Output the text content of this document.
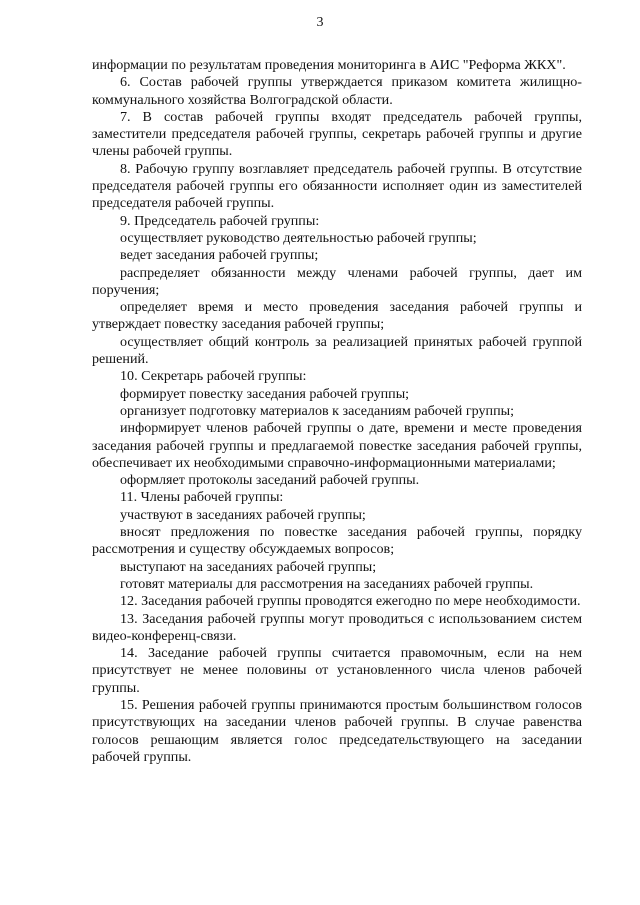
3

информации по результатам проведения мониторинга в АИС "Реформа ЖКХ".

6. Состав рабочей группы утверждается приказом комитета жилищно-коммунального хозяйства Волгоградской области.

7. В состав рабочей группы входят председатель рабочей группы, заместители председателя рабочей группы, секретарь рабочей группы и другие члены рабочей группы.

8. Рабочую группу возглавляет председатель рабочей группы. В отсутствие председателя рабочей группы его обязанности исполняет один из заместителей председателя рабочей группы.

9. Председатель рабочей группы:

осуществляет руководство деятельностью рабочей группы;

ведет заседания рабочей группы;

распределяет обязанности между членами рабочей группы, дает им поручения;

определяет время и место проведения заседания рабочей группы и утверждает повестку заседания рабочей группы;

осуществляет общий контроль за реализацией принятых рабочей группой решений.

10. Секретарь рабочей группы:

формирует повестку заседания рабочей группы;

организует подготовку материалов к заседаниям рабочей группы;

информирует членов рабочей группы о дате, времени и месте проведения заседания рабочей группы и предлагаемой повестке заседания рабочей группы, обеспечивает их необходимыми справочно-информационными материалами;

оформляет протоколы заседаний рабочей группы.

11. Члены рабочей группы:

участвуют в заседаниях рабочей группы;

вносят предложения по повестке заседания рабочей группы, порядку рассмотрения и существу обсуждаемых вопросов;

выступают на заседаниях рабочей группы;

готовят материалы для рассмотрения на заседаниях рабочей группы.

12. Заседания рабочей группы проводятся ежегодно по мере необходимости.

13. Заседания рабочей группы могут проводиться с использованием систем видео-конференц-связи.

14. Заседание рабочей группы считается правомочным, если на нем присутствует не менее половины от установленного числа членов рабочей группы.

15. Решения рабочей группы принимаются простым большинством голосов присутствующих на заседании членов рабочей группы. В случае равенства голосов решающим является голос председательствующего на заседании рабочей группы.
